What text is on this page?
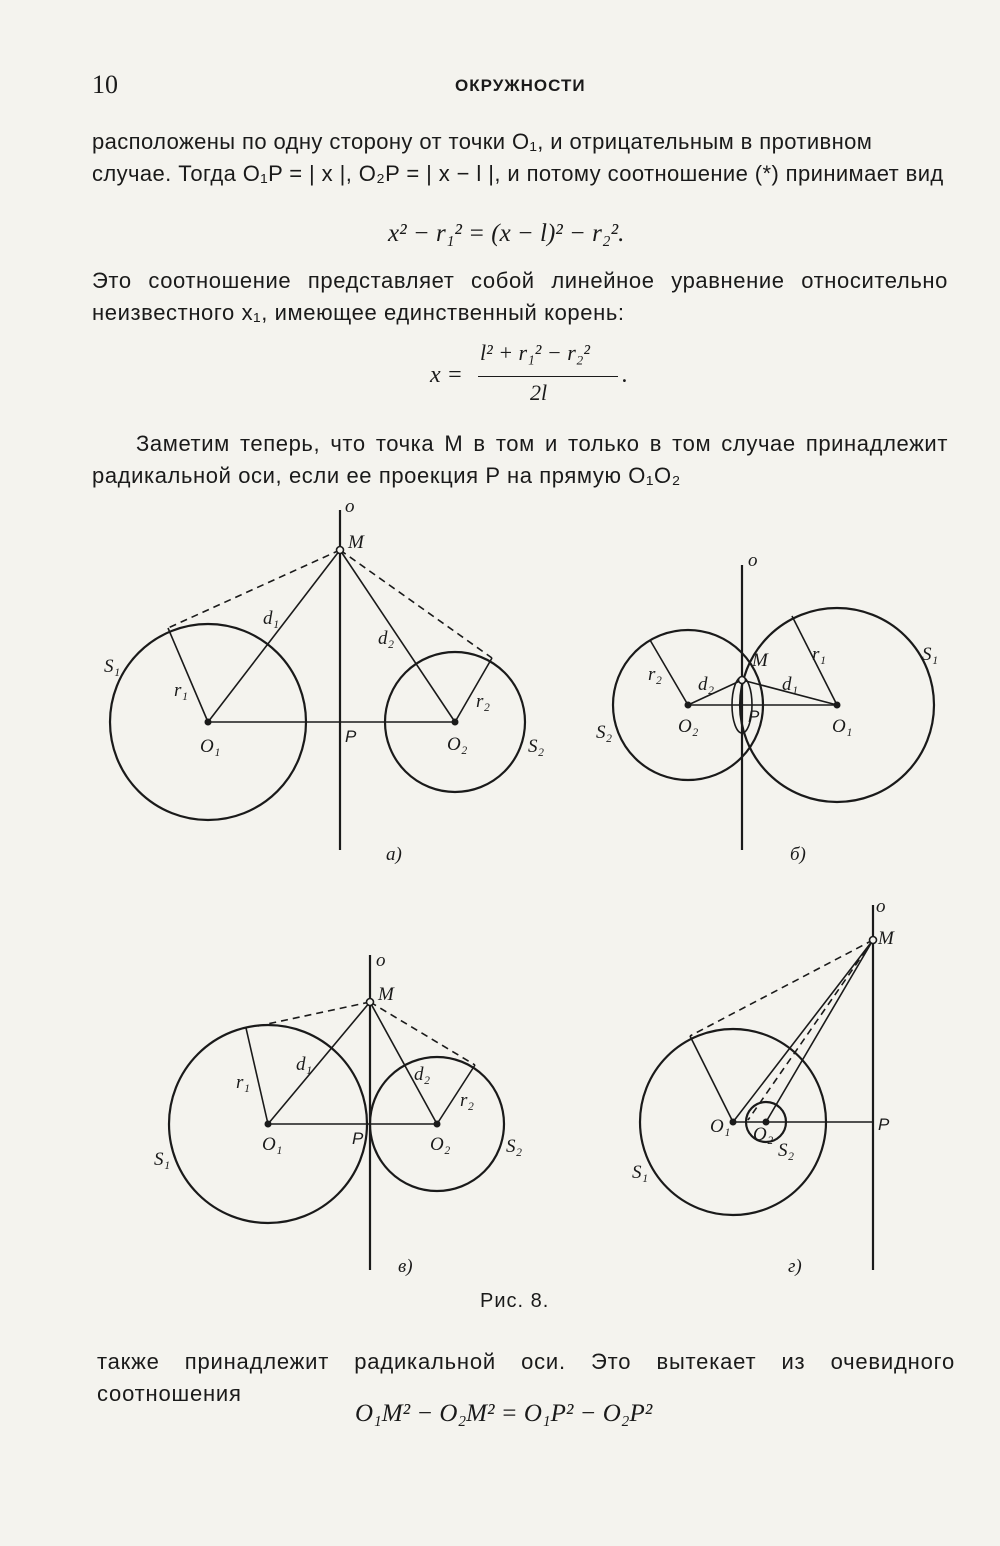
10	ОКРУЖНОСТИ
расположены по одну сторону от точки O₁, и отрицательным в противном случае. Тогда O₁P = | x |, O₂P = | x − l |, и потому соотношение (*) принимает вид
x² − r₁² = (x − l)² − r₂².
Это соотношение представляет собой линейное уравнение относительно неизвестного x₁, имеющее единственный корень:
x =
l² + r₁² − r₂²
2l
.
Заметим теперь, что точка M в том и только в том случае принадлежит радикальной оси, если ее проекция P на прямую O₁O₂
o
M
d₁
d₂
S₁
r₁
r₂
O₁	P	O₂	S₂
а)
o
M
r₂
r₁	S₁
d₂	d₁
S₂	O₂	P	O₁
б)
o
M
d₁	d₂
r₁
r₂
O₁	P	O₂	S₂
S₁
в)
o
M
O₁ O₂	P
S₂
S₁
г)
Рис. 8.
также принадлежит радикальной оси. Это вытекает из очевидного соотношения
O₁M² − O₂M² = O₁P² − O₂P²
